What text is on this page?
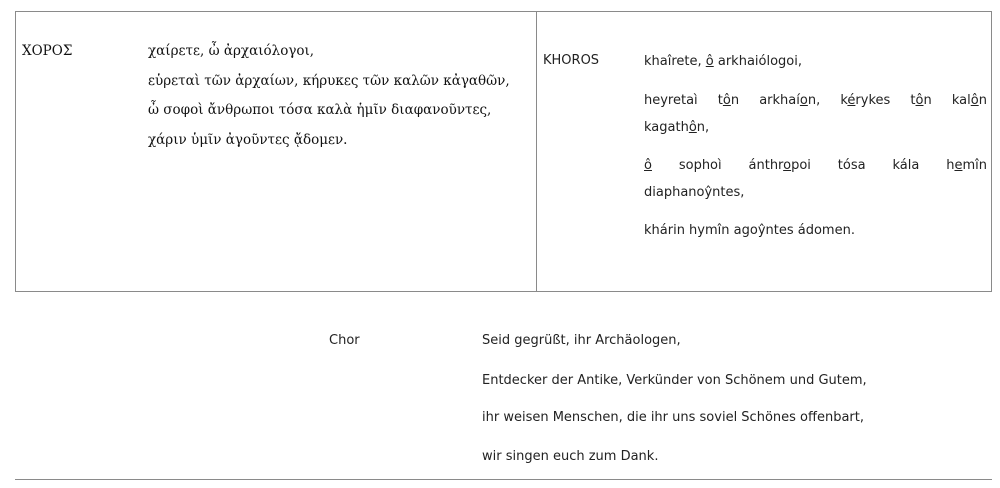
ΧΟΡΟΣ	χαίρετε, ὦ ἀρχαιόλογοι,
εὑρεταὶ τῶν ἀρχαίων, κήρυκες τῶν καλῶν κἀγαθῶν,
ὦ σοφοὶ ἄνθρωποι τόσα καλὰ ἡμῖν διαφανοῦντες,
χάριν ὑμῖν ἀγοῦντες ᾄδομεν.
KHOROS	khaîrete, ô arkhaiólogoi,
heyretaì tôn arkhaíon, kérykes tôn kalôn
kagathôn,
ô sophoì ánthropoi tósa kála hemîn
diaphanoŷntes,
khárin hymîn agoŷntes ádomen.
Chor	Seid gegrüßt, ihr Archäologen,
Entdecker der Antike, Verkünder von Schönem und Gutem,
ihr weisen Menschen, die ihr uns soviel Schönes offenbart,
wir singen euch zum Dank.
